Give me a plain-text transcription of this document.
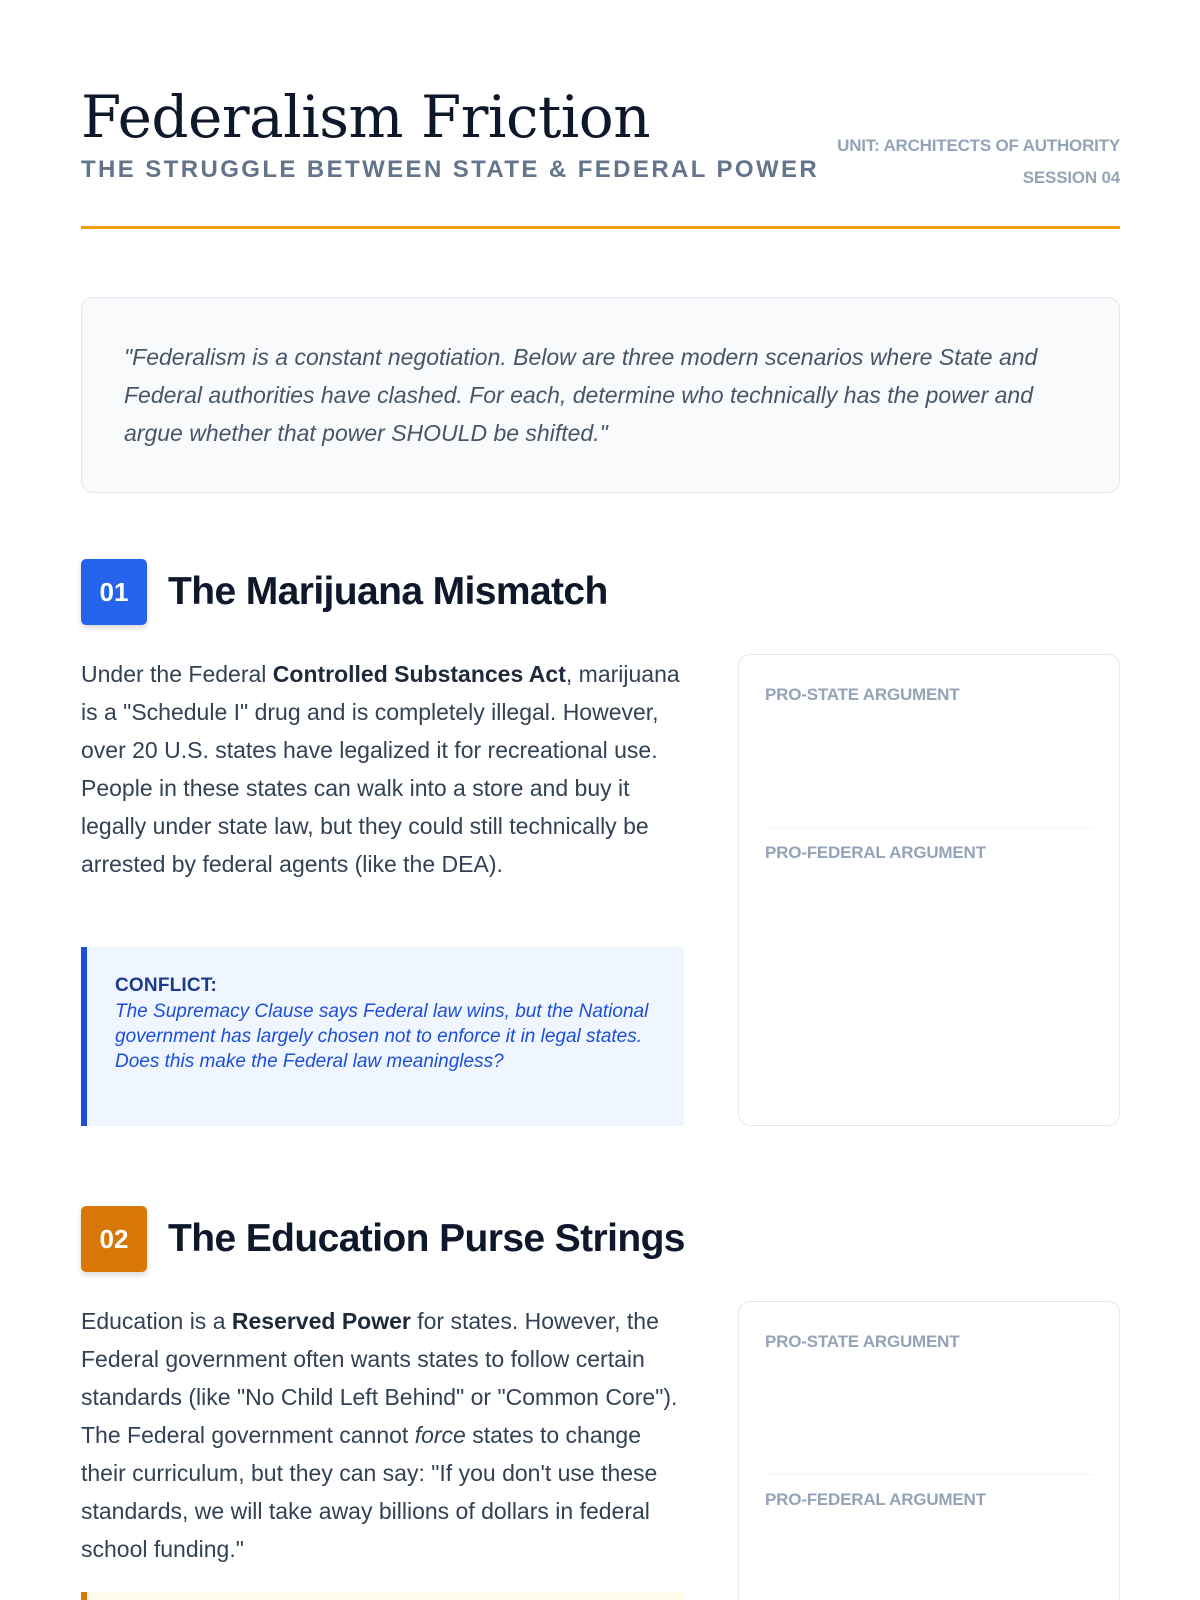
Federalism Friction
THE STRUGGLE BETWEEN STATE & FEDERAL POWER
UNIT: ARCHITECTS OF AUTHORITY
SESSION 04

"Federalism is a constant negotiation. Below are three modern scenarios where State and Federal authorities have clashed. For each, determine who technically has the power and argue whether that power SHOULD be shifted."

01	The Marijuana Mismatch

Under the Federal Controlled Substances Act, marijuana is a "Schedule I" drug and is completely illegal. However, over 20 U.S. states have legalized it for recreational use. People in these states can walk into a store and buy it legally under state law, but they could still technically be arrested by federal agents (like the DEA).

CONFLICT:
The Supremacy Clause says Federal law wins, but the National government has largely chosen not to enforce it in legal states. Does this make the Federal law meaningless?
PRO-STATE ARGUMENT
PRO-FEDERAL ARGUMENT
02	The Education Purse Strings

Education is a Reserved Power for states. However, the Federal government often wants states to follow certain standards (like "No Child Left Behind" or "Common Core"). The Federal government cannot force states to change their curriculum, but they can say: "If you don't use these standards, we will take away billions of dollars in federal school funding."

PRO-STATE ARGUMENT
PRO-FEDERAL ARGUMENT
